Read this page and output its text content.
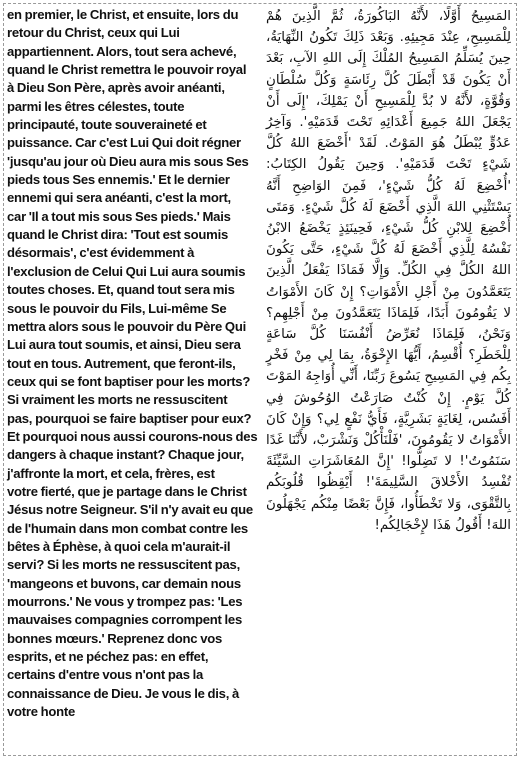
en premier, le Christ, et ensuite, lors du
retour du Christ, ceux qui Lui
appartiennent. Alors, tout sera achevé,
quand le Christ remettra le pouvoir royal
à Dieu Son Père, après avoir anéanti,
parmi les êtres célestes, toute
principauté, toute souveraineté et
puissance. Car c'est Lui Qui doit régner
'jusqu'au jour où Dieu aura mis sous Ses
pieds tous Ses ennemis.' Et le dernier
ennemi qui sera anéanti, c'est la mort,
car 'Il a tout mis sous Ses pieds.' Mais
quand le Christ dira: 'Tout est soumis
désormais', c'est évidemment à
l'exclusion de Celui Qui Lui aura soumis
toutes choses. Et, quand tout sera mis
sous le pouvoir du Fils, Lui-même Se
mettra alors sous le pouvoir du Père Qui
Lui aura tout soumis, et ainsi, Dieu sera
tout en tous. Autrement, que feront-ils,
ceux qui se font baptiser pour les morts?
Si vraiment les morts ne ressuscitent
pas, pourquoi se faire baptiser pour eux?
Et pourquoi nous aussi courons-nous des
dangers à chaque instant? Chaque jour,
j'affronte la mort, et cela, frères, est
votre fierté, que je partage dans le Christ
Jésus notre Seigneur. S'il n'y avait eu que
de l'humain dans mon combat contre les
bêtes à Éphèse, à quoi cela m'aurait-il
servi? Si les morts ne ressuscitent pas,
'mangeons et buvons, car demain nous
mourrons.' Ne vous y trompez pas: 'Les
mauvaises compagnies corrompent les
bonnes mœurs.' Reprenez donc vos
esprits, et ne péchez pas: en effet,
certains d'entre vous n'ont pas la
connaissance de Dieu. Je vous le dis, à
votre honte

المَسِيحُ أَوَّلًا، لأَنَّهُ البَاكُورَةُ، ثُمَّ الَّذِينَ هُمْ لِلْمَسِيحِ، عِنْدَ مَجِيئِهِ. وَبَعْدَ ذَلِكَ تَكُونُ النِّهَايَةُ، حِينَ يُسَلِّمُ المَسِيحُ المُلْكَ إِلَى اللهِ الآبِ، بَعْدَ أَنْ يَكُونَ قَدْ أَبْطَلَ كُلَّ رِئَاسَةٍ وَكُلَّ سُلْطَانٍ وَقُوَّةٍ، لأَنَّهُ لا بُدَّ لِلْمَسِيحِ أَنْ يَمْلِكَ، 'إِلَى أَنْ يَجْعَلَ اللهُ جَمِيعَ أَعْدَائِهِ تَحْتَ قَدَمَيْهِ'. وَآخِرُ عَدُوٍّ يُبْطَلُ هُوَ المَوْتُ. لَقَدْ 'أَخْضَعَ اللهُ كُلَّ شَيْءٍ تَحْتَ قَدَمَيْهِ'. وَحِينَ يَقُولُ الكِتَابُ: 'أُخْضِعَ لَهُ كُلُّ شَيْءٍ'، فَمِنَ الوَاضِحِ أَنَّهُ يَسْتَثْنِي اللهَ الَّذِي أَخْضَعَ لَهُ كُلَّ شَيْءٍ. وَمَتَى أُخْضِعَ لِلابْنِ كُلُّ شَيْءٍ، فَحِينَئِذٍ يَخْضَعُ الابْنُ نَفْسُهُ لِلَّذِي أَخْضَعَ لَهُ كُلَّ شَيْءٍ، حَتَّى يَكُونَ اللهُ الكُلَّ فِي الكُلِّ. وَإِلَّا فَمَاذَا يَفْعَلُ الَّذِينَ يَتَعَمَّدُونَ مِنْ أَجْلِ الأَمْوَاتِ؟ إِنْ كَانَ الأَمْوَاتُ لا يَقُومُونَ أَبَدًا، فَلِمَاذَا يَتَعَمَّدُونَ مِنْ أَجْلِهِم؟ وَنَحْنُ، فَلِمَاذَا نُعَرِّضُ أَنْفُسَنَا كُلَّ سَاعَةٍ لِلْخَطَرِ؟ أُقْسِمُ، أَيُّهَا الإِخْوَةُ، بِمَا لِي مِنْ فَخْرٍ بِكُم فِي المَسِيحِ يَسُوعَ رَبِّنَا، أَنِّي أُوَاجِهُ المَوْتَ كُلَّ يَوْمٍ. إِنْ كُنْتُ صَارَعْتُ الوُحُوشَ فِي أَفَسُس، لِغَايَةٍ بَشَرِيَّةٍ، فَأَيُّ نَفْعٍ لِي؟ وَإِنْ كَانَ الأَمْوَاتُ لا يَقُومُونَ، 'فَلْنَأْكُلْ وَنَشْرَبْ، لأَنَّنَا غَدًا سَنَمُوتُ'! لا تَضِلُّوا! 'إِنَّ المُعَاشَرَاتِ السَّيِّئَةَ تُفْسِدُ الأَخْلاقَ السَّلِيمَةَ'! أَيْقِظُوا قُلُوبَكُم بِالتَّقْوَى، وَلا تَخْطَأُوا، فَإِنَّ بَعْضًا مِنْكُم يَجْهَلُونَ اللهَ! أَقُولُ هَذَا لإِخْجَالِكُم!
